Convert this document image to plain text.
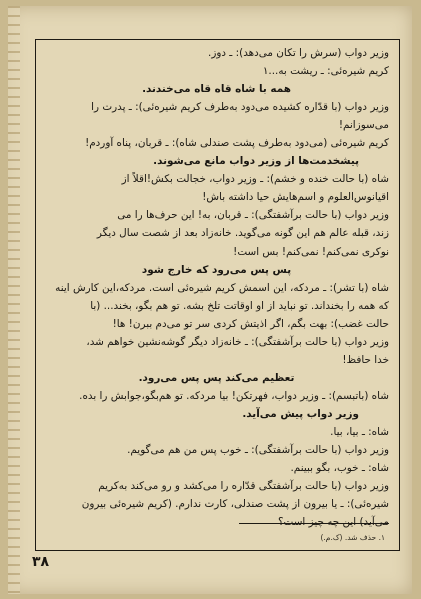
وزیر دواب (سرش را تکان می‌دهد): ـ دوز.
کریم شیره‌ئی: ـ ریشت به...۱
همه با شاه قاه قاه می‌خندند.
وزیر دواب (با قدّاره کشیده می‌دود به‌طرف کریم شیره‌ئی): ـ پدرت را
می‌سوزانم!
کریم شیره‌ئی (می‌دود به‌طرف پشت صندلی شاه): ـ قربان، پناه آوردم!
پیشخدمت‌ها از وزیر دواب مانع می‌شوند.
شاه (با حالت خنده و خشم): ـ وزیر دواب، خجالت بکش!اقلاً از
اقیانوس‌العلوم و اسم‌هایش حیا داشته باش!
وزیر دواب (با حالت برآشفتگی): ـ قربان، به! این حرف‌ها را می‌
زند، قبله عالم هم این گونه می‌گوید. خانه‌زاد بعد از شصت سال دیگر
نوکری نمی‌کنم! نمی‌کنم! بس است!
پس پس می‌رود که خارج شود
شاه (با تشر): ـ مردکه، این اسمش کریم شیره‌ئی است. مردکه،این کارش اینه
که همه را بخنداند. تو نباید از او اوقاتت تلخ بشه. تو هم بگو، بخند... (با
حالت غضب): بهت بگم، اگر اذیتش کردی سر تو می‌دم ببرن! ها!
وزیر دواب (با حالت برآشفتگی): ـ خانه‌زاد دیگر گوشه‌نشین خواهم شد،
خدا حافظ!
تعظیم می‌کند پس پس می‌رود.
شاه (باتبسم): ـ وزیر دواب، فهرتکن! بیا مردکه. تو هم‌بگو،جوابش را بده.
وزیر دواب پیش می‌آید.
شاه: ـ بیا، بیا.
وزیر دواب (با حالت برآشفتگی): ـ خوب پس من هم می‌گویم.
شاه: ـ خوب، بگو ببینم.
وزیر دواب (با حالت برآشفتگی قدّاره را می‌کشد و رو می‌کند به‌کریم
شیره‌ئی): ـ یا بیرون از پشت صندلی، کارت ندارم. (کریم شیره‌ئی بیرون
می‌آید) این چه چیز است؟
۱. حذف شد. (ک.م.)
۳۸
